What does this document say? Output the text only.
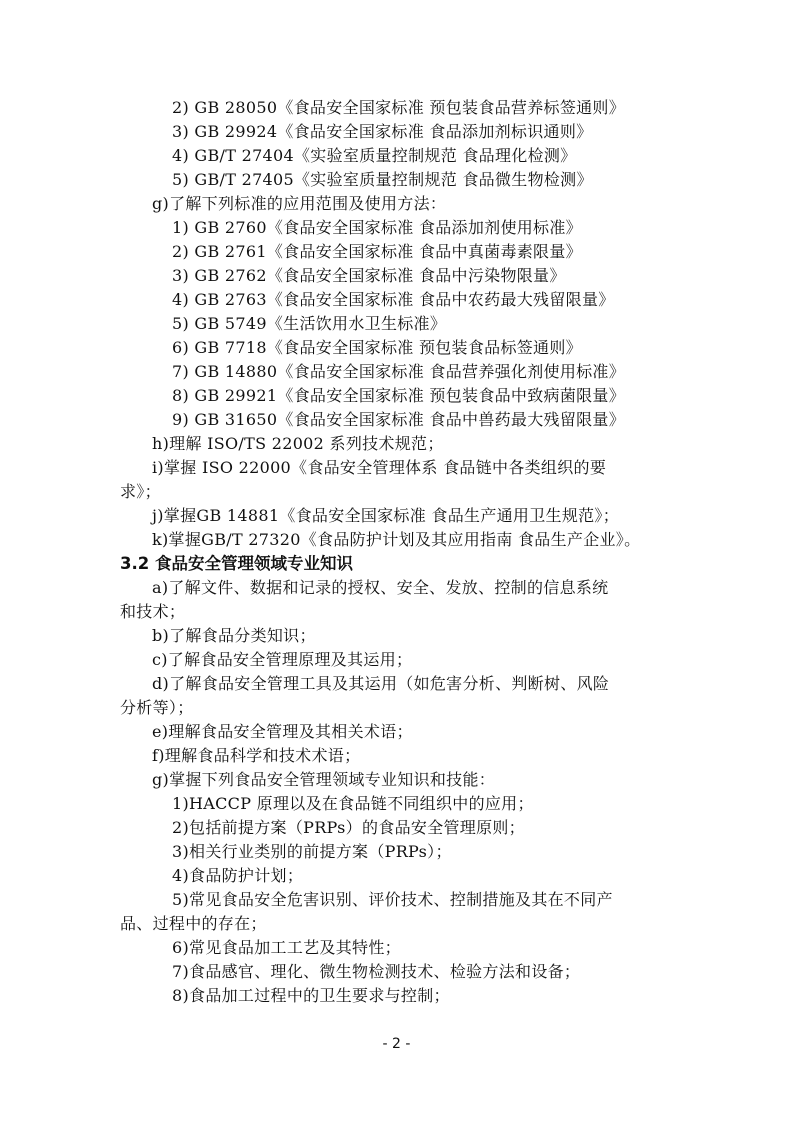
2) GB 28050《食品安全国家标准 预包装食品营养标签通则》
3) GB 29924《食品安全国家标准 食品添加剂标识通则》
4) GB/T 27404《实验室质量控制规范 食品理化检测》
5) GB/T 27405《实验室质量控制规范 食品微生物检测》
g)了解下列标准的应用范围及使用方法：
1) GB 2760《食品安全国家标准 食品添加剂使用标准》
2) GB 2761《食品安全国家标准 食品中真菌毒素限量》
3) GB 2762《食品安全国家标准 食品中污染物限量》
4) GB 2763《食品安全国家标准 食品中农药最大残留限量》
5) GB 5749《生活饮用水卫生标准》
6) GB 7718《食品安全国家标准 预包装食品标签通则》
7) GB 14880《食品安全国家标准 食品营养强化剂使用标准》
8) GB 29921《食品安全国家标准 预包装食品中致病菌限量》
9) GB 31650《食品安全国家标准 食品中兽药最大残留限量》
h)理解 ISO/TS 22002 系列技术规范；
i)掌握 ISO 22000《食品安全管理体系 食品链中各类组织的要
求》；
j)掌握GB 14881《食品安全国家标准 食品生产通用卫生规范》；
k)掌握GB/T 27320《食品防护计划及其应用指南 食品生产企业》。
3.2 食品安全管理领域专业知识
a)了解文件、数据和记录的授权、安全、发放、控制的信息系统
和技术；
b)了解食品分类知识；
c)了解食品安全管理原理及其运用；
d)了解食品安全管理工具及其运用（如危害分析、判断树、风险
分析等）；
e)理解食品安全管理及其相关术语；
f)理解食品科学和技术术语；
g)掌握下列食品安全管理领域专业知识和技能：
1)HACCP 原理以及在食品链不同组织中的应用；
2)包括前提方案（PRPs）的食品安全管理原则；
3)相关行业类别的前提方案（PRPs）；
4)食品防护计划；
5)常见食品安全危害识别、评价技术、控制措施及其在不同产
品、过程中的存在；
6)常见食品加工工艺及其特性；
7)食品感官、理化、微生物检测技术、检验方法和设备；
8)食品加工过程中的卫生要求与控制；
- 2 -
